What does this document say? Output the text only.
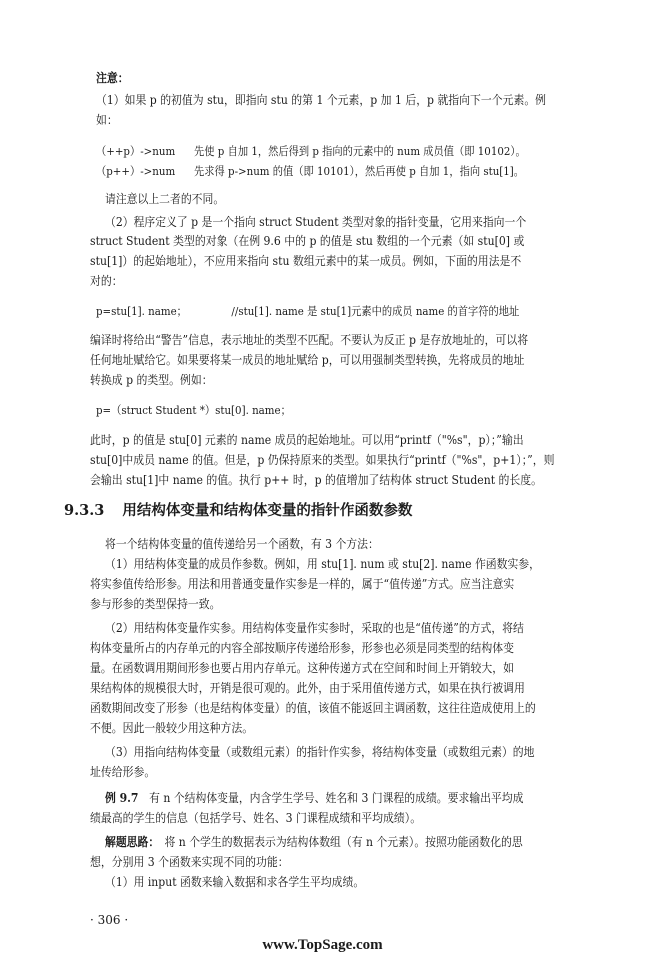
注意：
（1）如果 p 的初值为 stu，即指向 stu 的第 1 个元素，p 加 1 后，p 就指向下一个元素。例
如：
（++p）->num 先使 p 自加 1，然后得到 p 指向的元素中的 num 成员值（即 10102）。
（p++）->num 先求得 p->num 的值（即 10101），然后再使 p 自加 1，指向 stu[1]。
请注意以上二者的不同。
（2）程序定义了 p 是一个指向 struct Student 类型对象的指针变量，它用来指向一个
struct Student 类型的对象（在例 9.6 中的 p 的值是 stu 数组的一个元素（如 stu[0] 或
stu[1]）的起始地址），不应用来指向 stu 数组元素中的某一成员。例如，下面的用法是不
对的：
p=stu[1]. name；	//stu[1]. name 是 stu[1]元素中的成员 name 的首字符的地址
编译时将给出“警告”信息，表示地址的类型不匹配。不要认为反正 p 是存放地址的，可以将
任何地址赋给它。如果要将某一成员的地址赋给 p，可以用强制类型转换，先将成员的地址
转换成 p 的类型。例如：
p=（struct Student *）stu[0]. name；
此时，p 的值是 stu[0] 元素的 name 成员的起始地址。可以用“printf（"%s"，p）；”输出
stu[0]中成员 name 的值。但是，p 仍保持原来的类型。如果执行“printf（"%s"，p+1）；”，则
会输出 stu[1]中 name 的值。执行 p++ 时，p 的值增加了结构体 struct Student 的长度。
9.3.3 用结构体变量和结构体变量的指针作函数参数
将一个结构体变量的值传递给另一个函数，有 3 个方法：
（1）用结构体变量的成员作参数。例如，用 stu[1]. num 或 stu[2]. name 作函数实参，
将实参值传给形参。用法和用普通变量作实参是一样的，属于“值传递”方式。应当注意实
参与形参的类型保持一致。
（2）用结构体变量作实参。用结构体变量作实参时，采取的也是“值传递”的方式，将结
构体变量所占的内存单元的内容全部按顺序传递给形参，形参也必须是同类型的结构体变
量。在函数调用期间形参也要占用内存单元。这种传递方式在空间和时间上开销较大，如
果结构体的规模很大时，开销是很可观的。此外，由于采用值传递方式，如果在执行被调用
函数期间改变了形参（也是结构体变量）的值，该值不能返回主调函数，这往往造成使用上的
不便。因此一般较少用这种方法。
（3）用指向结构体变量（或数组元素）的指针作实参，将结构体变量（或数组元素）的地
址传给形参。
例 9.7 有 n 个结构体变量，内含学生学号、姓名和 3 门课程的成绩。要求输出平均成
绩最高的学生的信息（包括学号、姓名、3 门课程成绩和平均成绩）。
解题思路： 将 n 个学生的数据表示为结构体数组（有 n 个元素）。按照功能函数化的思
想，分别用 3 个函数来实现不同的功能：
（1）用 input 函数来输入数据和求各学生平均成绩。
· 306 ·
www.TopSage.com
